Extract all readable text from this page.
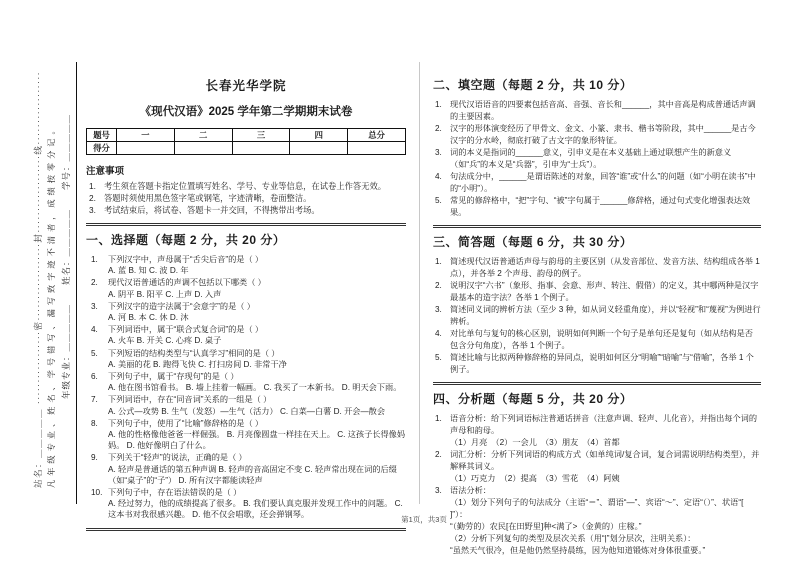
年级专业：＿＿＿＿＿　　姓名：＿＿＿＿＿　　学号：＿＿＿＿＿
凡年级专业、姓名、学号错写、漏写致字迹不清者，成绩按零分记。
站名：＿＿＿＿＿ ·················密··················封··················线·················	长春光华学院
《现代汉语》2025 学年第二学期期末试卷
题号	一	二	三	四	总分
得分					
注意事项
1. 考生须在答题卡指定位置填写姓名、学号、专业等信息，在试卷上作答无效。
2. 答题时须使用黑色签字笔或钢笔，字迹清晰，卷面整洁。
3. 考试结束后，将试卷、答题卡一并交回，不得携带出考场。
一、选择题（每题 2 分，共 20 分）
1. 下列汉字中，声母属于“舌尖后音”的是（ ）
A. 蓝 B. 知 C. 波 D. 年
2. 现代汉语普通话的声调不包括以下哪类（ ）
A. 阴平 B. 阳平 C. 上声 D. 入声
3. 下列汉字的造字法属于“会意字”的是（ ）
A. 河 B. 本 C. 休 D. 沐
4. 下列词语中，属于“联合式复合词”的是（ ）
A. 火车 B. 开关 C. 心疼 D. 桌子
5. 下列短语的结构类型与“认真学习”相同的是（ ）
A. 美丽的花 B. 跑得飞快 C. 打扫房间 D. 非常干净
6. 下列句子中，属于“存现句”的是（ ）
A. 他在图书馆看书。 B. 墙上挂着一幅画。 C. 我买了一本新书。 D. 明天会下雨。
7. 下列词语中，存在“同音词”关系的一组是（ ）
A. 公式—攻势 B. 生气（发怒）—生气（活力） C. 白菜—白薯 D. 开会—散会
8. 下列句子中，使用了“比喻”修辞格的是（ ）
A. 他的性格像他爸爸一样倔强。 B. 月亮像圆盘一样挂在天上。 C. 这孩子长得像妈妈。 D. 他好像明白了什么。
9. 下列关于“轻声”的说法，正确的是（ ）
A. 轻声是普通话的第五种声调 B. 轻声的音高固定不变 C. 轻声常出现在词的后缀（如“桌子”的“子”） D. 所有汉字都能读轻声
10. 下列句子中，存在语法错误的是（ ）
A. 经过努力，他的成绩提高了很多。 B. 我们要认真克服并发现工作中的问题。 C. 这本书对我很感兴趣。 D. 他不仅会唱歌，还会弹钢琴。
二、填空题（每题 2 分，共 10 分）
1. 现代汉语语音的四要素包括音高、音强、音长和______，其中音高是构成普通话声调的主要因素。
2. 汉字的形体演变经历了甲骨文、金文、小篆、隶书、楷书等阶段，其中______是古今汉字的分水岭，彻底打破了古文字的象形特征。
3. 词的本义是指词的______意义，引申义是在本义基础上通过联想产生的新意义（如“兵”的本义是“兵器”，引申为“士兵”）。
4. 句法成分中，______是谓语陈述的对象，回答“谁”或“什么”的问题（如“小明在读书”中的“小明”）。
5. 常见的修辞格中，“把”字句、“被”字句属于______修辞格，通过句式变化增强表达效果。
三、简答题（每题 6 分，共 30 分）
1. 简述现代汉语普通话声母与韵母的主要区别（从发音部位、发音方法、结构组成各举 1 点），并各举 2 个声母、韵母的例子。
2. 说明汉字“六书”（象形、指事、会意、形声、转注、假借）的定义，其中哪两种是汉字最基本的造字法？各举 1 个例子。
3. 简述同义词的辨析方法（至少 3 种，如从词义轻重角度），并以“轻视”和“蔑视”为例进行辨析。
4. 对比单句与复句的核心区别，说明如何判断一个句子是单句还是复句（如从结构是否包含分句角度），各举 1 个例子。
5. 简述比喻与比拟两种修辞格的异同点，说明如何区分“明喻”“暗喻”与“借喻”，各举 1 个例子。
四、分析题（每题 5 分，共 20 分）
1. 语音分析：给下列词语标注普通话拼音（注意声调、轻声、儿化音），并指出每个词的声母和韵母。
（1）月亮　（2）一会儿　（3）朋友　（4）首都
2. 词汇分析：分析下列词语的构成方式（如单纯词/复合词，复合词需说明结构类型），并解释其词义。
（1）巧克力　（2）提高　（3）雪花　（4）阿姨
3. 语法分析：
（1）划分下列句子的句法成分（主语“＝”、谓语“—”、宾语“～”、定语“（）”、状语“[ ]”）：
“（勤劳的）农民[在田野里]种<满了>（金黄的）庄稼。”
（2）分析下列复句的类型及层次关系（用“|”划分层次，注明关系）：
“虽然天气很冷，但是他仍然坚持晨练，因为他知道锻炼对身体很重要。”
第1页，共3页
